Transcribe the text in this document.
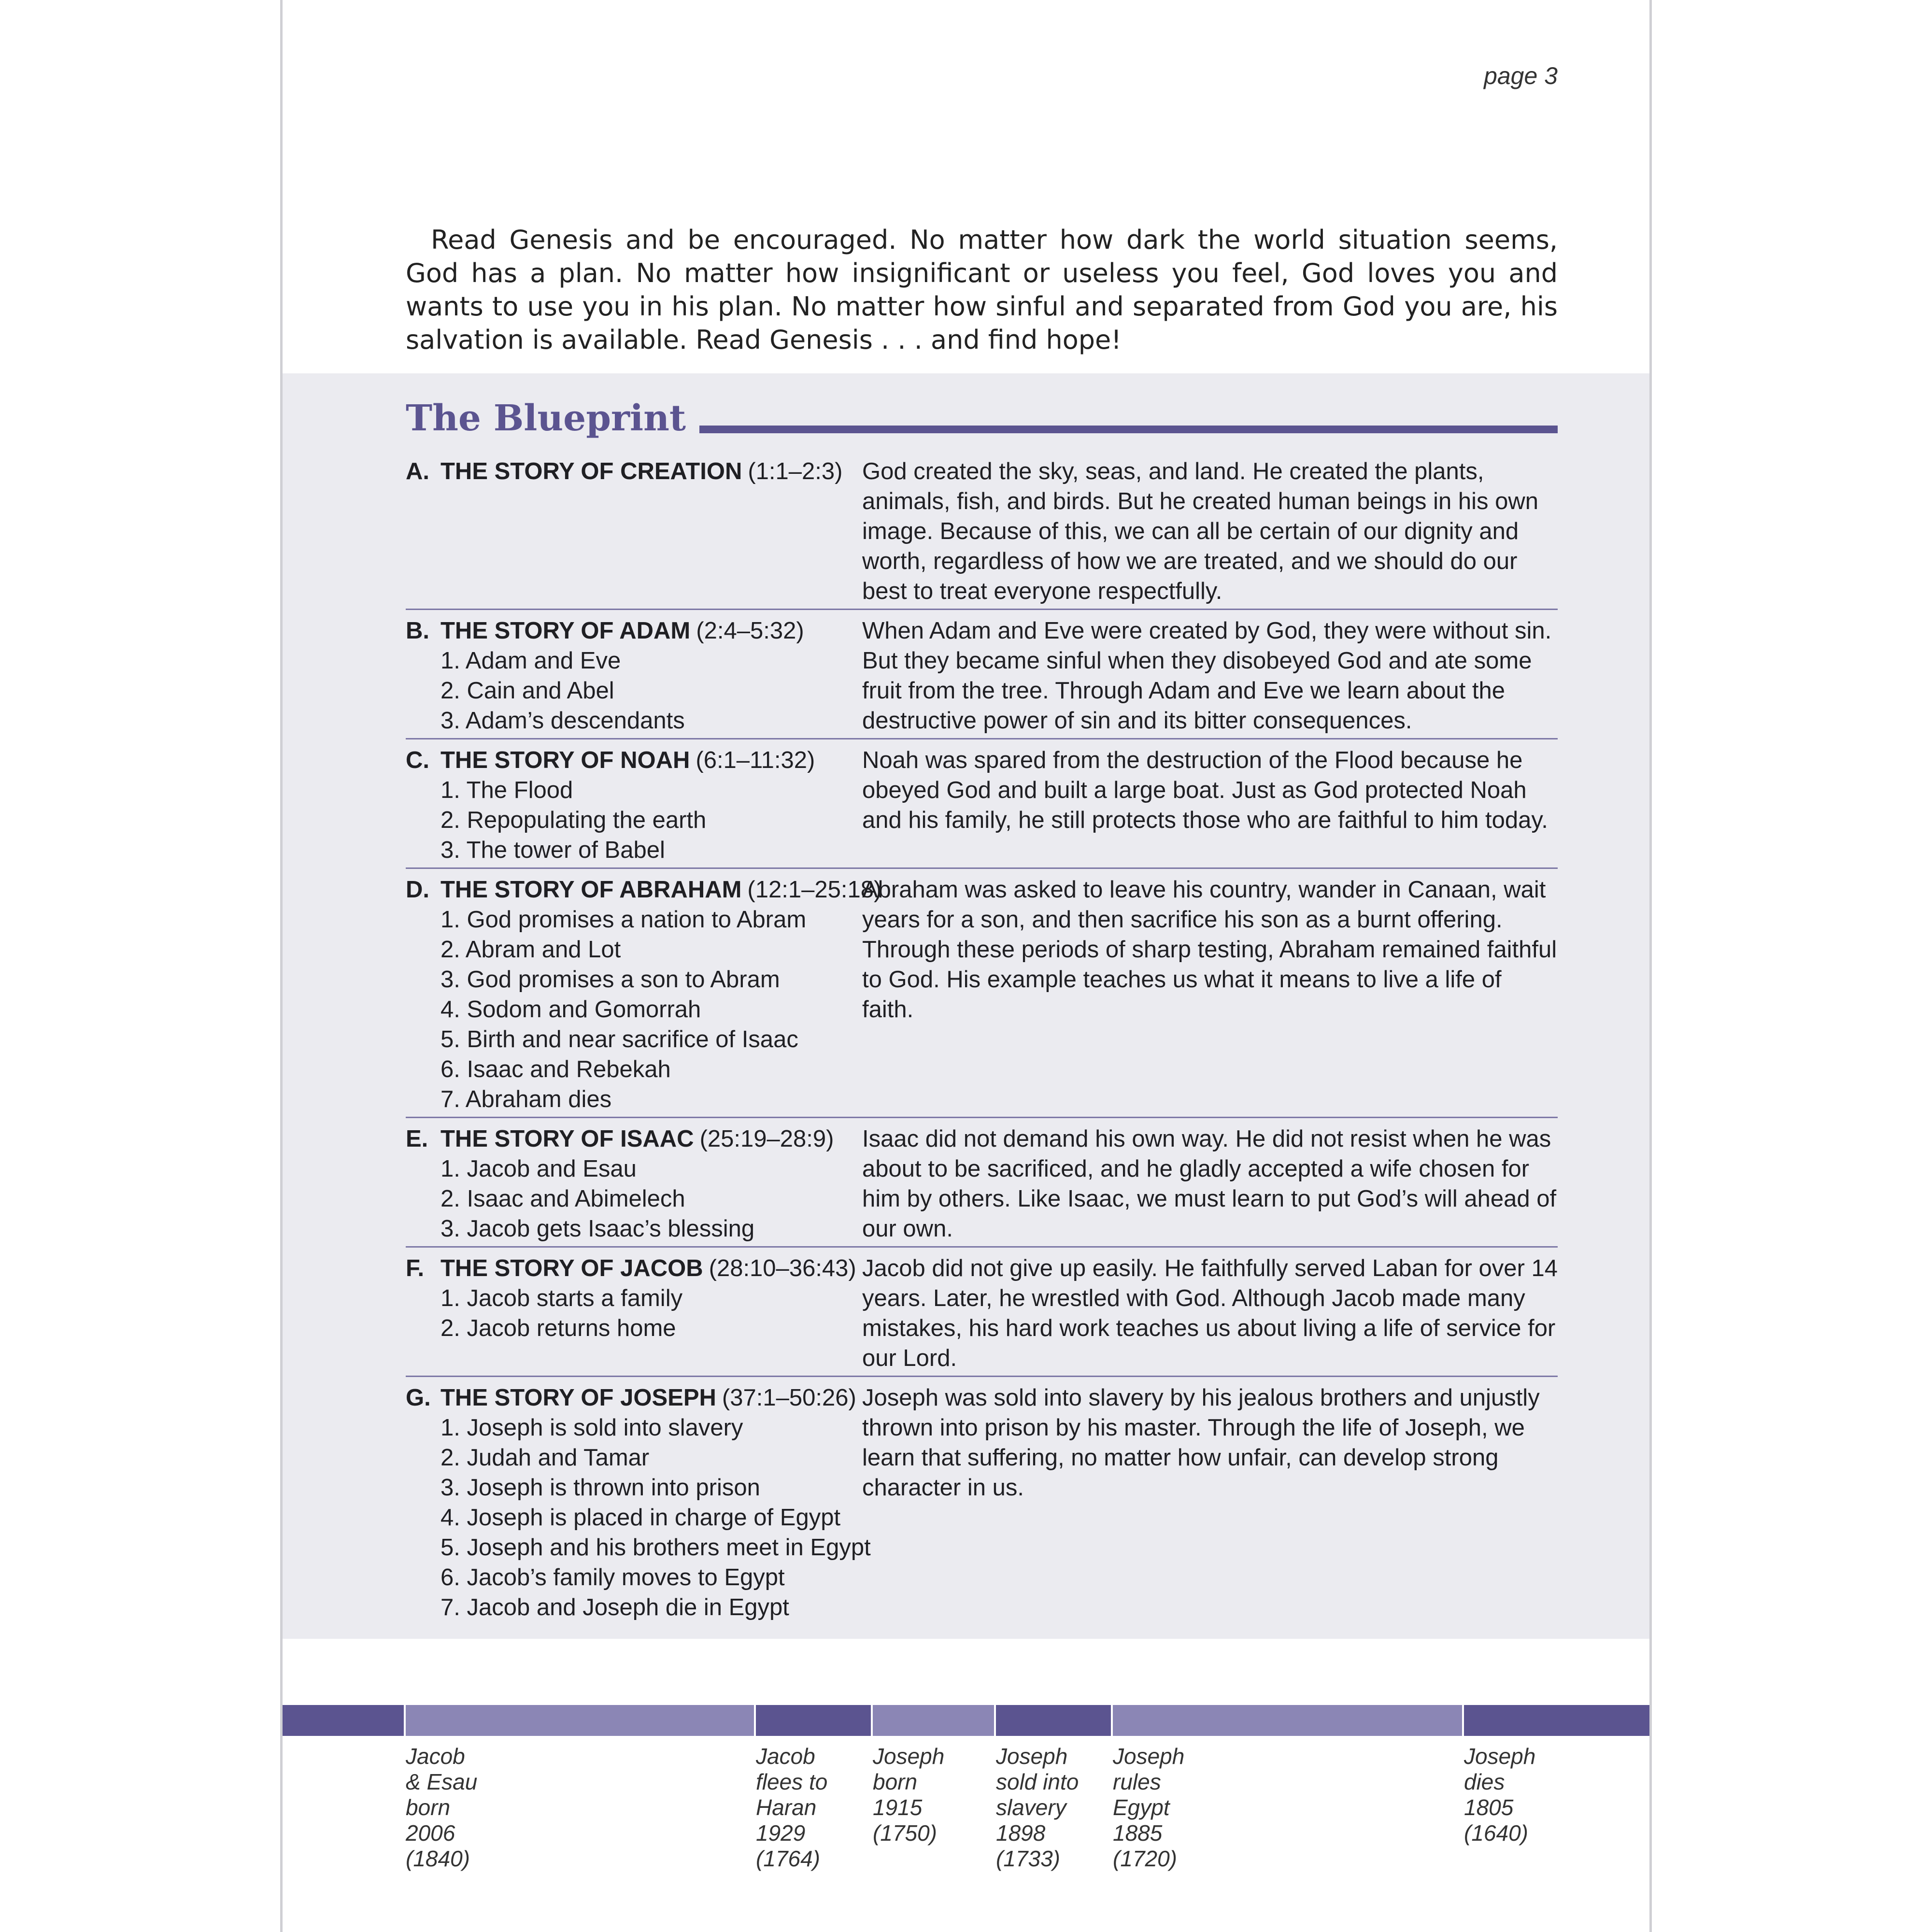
page 3

Read Genesis and be encouraged. No matter how dark the world situation seems, God has a plan. No matter how insignificant or useless you feel, God loves you and wants to use you in his plan. No matter how sinful and separated from God you are, his salvation is available. Read Genesis . . . and find hope!

The Blueprint
A. THE STORY OF CREATION (1:1–2:3) God created the sky, seas, and land. He created the plants, animals, fish, and birds. But he created human beings in his own image. Because of this, we can all be certain of our dignity and worth, regardless of how we are treated, and we should do our best to treat everyone respectfully.
B. THE STORY OF ADAM (2:4–5:32)
1. Adam and Eve
2. Cain and Abel
3. Adam’s descendants
When Adam and Eve were created by God, they were without sin. But they became sinful when they disobeyed God and ate some fruit from the tree. Through Adam and Eve we learn about the destructive power of sin and its bitter consequences.
C. THE STORY OF NOAH (6:1–11:32)
1. The Flood
2. Repopulating the earth
3. The tower of Babel
Noah was spared from the destruction of the Flood because he obeyed God and built a large boat. Just as God protected Noah and his family, he still protects those who are faithful to him today.
D. THE STORY OF ABRAHAM (12:1–25:18)
1. God promises a nation to Abram
2. Abram and Lot
3. God promises a son to Abram
4. Sodom and Gomorrah
5. Birth and near sacrifice of Isaac
6. Isaac and Rebekah
7. Abraham dies
Abraham was asked to leave his country, wander in Canaan, wait years for a son, and then sacrifice his son as a burnt offering. Through these periods of sharp testing, Abraham remained faithful to God. His example teaches us what it means to live a life of faith.
E. THE STORY OF ISAAC (25:19–28:9)
1. Jacob and Esau
2. Isaac and Abimelech
3. Jacob gets Isaac’s blessing
Isaac did not demand his own way. He did not resist when he was about to be sacrificed, and he gladly accepted a wife chosen for him by others. Like Isaac, we must learn to put God’s will ahead of our own.
F. THE STORY OF JACOB (28:10–36:43)
1. Jacob starts a family
2. Jacob returns home
Jacob did not give up easily. He faithfully served Laban for over 14 years. Later, he wrestled with God. Although Jacob made many mistakes, his hard work teaches us about living a life of service for our Lord.
G. THE STORY OF JOSEPH (37:1–50:26)
1. Joseph is sold into slavery
2. Judah and Tamar
3. Joseph is thrown into prison
4. Joseph is placed in charge of Egypt
5. Joseph and his brothers meet in Egypt
6. Jacob’s family moves to Egypt
7. Jacob and Joseph die in Egypt
Joseph was sold into slavery by his jealous brothers and unjustly thrown into prison by his master. Through the life of Joseph, we learn that suffering, no matter how unfair, can develop strong character in us.

Jacob
& Esau
born
2006
(1840)

Jacob
flees to
Haran
1929
(1764)

Joseph
born
1915
(1750)

Joseph
sold into
slavery
1898
(1733)

Joseph
rules
Egypt
1885
(1720)

Joseph
dies
1805
(1640)
